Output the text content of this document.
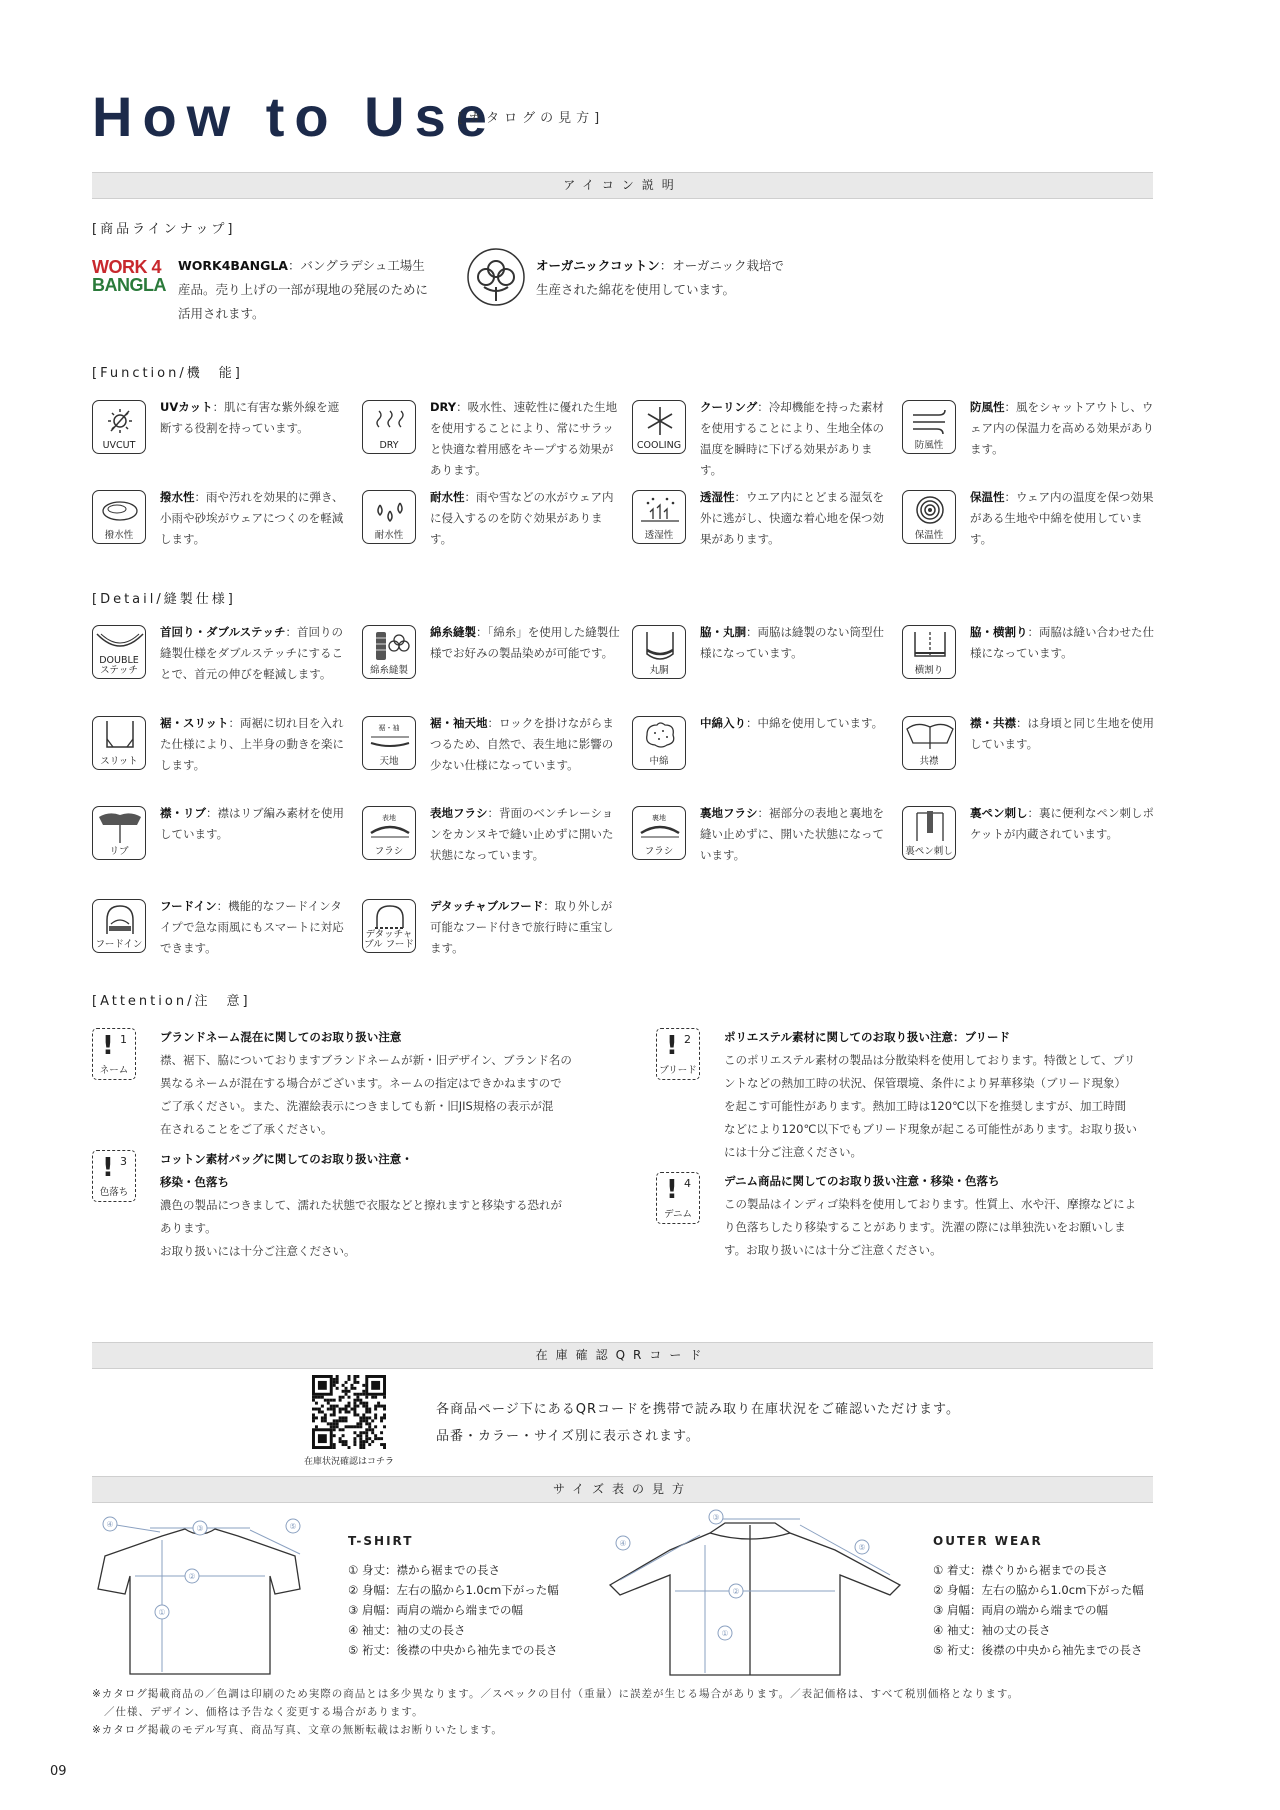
How to Use
[カタログの見方]
アイコン説明
[商品ラインナップ]
WORK 4
BANGLA
WORK4BANGLA：バングラデシュ工場生産品。売り上げの一部が現地の発展のために活用されます。
オーガニックコットン：オーガニック栽培で生産された綿花を使用しています。
[Function/機　能]
UVCUT
UVカット：肌に有害な紫外線を遮断する役割を持っています。
DRY
DRY：吸水性、速乾性に優れた生地を使用することにより、常にサラッと快適な着用感をキープする効果があります。
COOLING
クーリング：冷却機能を持った素材を使用することにより、生地全体の温度を瞬時に下げる効果があります。
防風性
防風性：風をシャットアウトし、ウェア内の保温力を高める効果があります。
撥水性
撥水性：雨や汚れを効果的に弾き、小雨や砂埃がウェアにつくのを軽減します。	耐水性
耐水性：雨や雪などの水がウェア内に侵入するのを防ぐ効果があります。	透湿性
透湿性：ウエア内にとどまる湿気を外に逃がし、快適な着心地を保つ効果があります。	保温性
保温性：ウェア内の温度を保つ効果がある生地や中綿を使用しています。
[Detail/縫製仕様]
DOUBLE ステッチ
首回り・ダブルステッチ：首回りの縫製仕様をダブルステッチにすることで、首元の伸びを軽減します。	綿糸縫製
綿糸縫製：「綿糸」を使用した縫製仕様でお好みの製品染めが可能です。
丸胴
脇・丸胴：両脇は縫製のない筒型仕様になっています。
横割り
脇・横割り：両脇は縫い合わせた仕様になっています。
スリット
裾・スリット：両裾に切れ目を入れた仕様により、上半身の動きを楽にします。
裾・袖
天地
裾・袖天地：ロックを掛けながらまつるため、自然で、表生地に影響の少ない仕様になっています。	中綿
中綿入り：中綿を使用しています。
共襟
襟・共襟：は身頃と同じ生地を使用しています。
リブ
襟・リブ：襟はリブ編み素材を使用しています。
表地
フラシ
表地フラシ：背面のベンチレーションをカンヌキで縫い止めずに開いた状態になっています。
裏地
フラシ
裏地フラシ：裾部分の表地と裏地を縫い止めずに、開いた状態になっています。	裏ペン刺し
裏ペン刺し：裏に便利なペン刺しポケットが内蔵されています。
フードイン
フードイン：機能的なフードインタイプで急な雨風にもスマートに対応できます。
デタッチャブル フード
デタッチャブルフード：取り外しが可能なフード付きで旅行時に重宝します。
[Attention/注　意]
! 1
ネーム
ブランドネーム混在に関してのお取り扱い注意
襟、裾下、脇についておりますブランドネームが新・旧デザイン、ブランド名の
異なるネームが混在する場合がございます。ネームの指定はできかねますので
ご了承ください。また、洗濯絵表示につきましても新・旧JIS規格の表示が混
在されることをご了承ください。
! 2
ブリード
ポリエステル素材に関してのお取り扱い注意：ブリード
このポリエステル素材の製品は分散染料を使用しております。特徴として、プリ
ントなどの熱加工時の状況、保管環境、条件により昇華移染（ブリード現象）
を起こす可能性があります。熱加工時は120℃以下を推奨しますが、加工時間
などにより120℃以下でもブリード現象が起こる可能性があります。お取り扱い
には十分ご注意ください。
! 3
色落ち
コットン素材バッグに関してのお取り扱い注意・
移染・色落ち
濃色の製品につきまして、濡れた状態で衣服などと擦れますと移染する恐れが
あります。
お取り扱いには十分ご注意ください。
! 4
デニム
デニム商品に関してのお取り扱い注意・移染・色落ち
この製品はインディゴ染料を使用しております。性質上、水や汗、摩擦などによ
り色落ちしたり移染することがあります。洗濯の際には単独洗いをお願いしま
す。お取り扱いには十分ご注意ください。
在庫確認QRコード
在庫状況確認はコチラ
各商品ページ下にあるQRコードを携帯で読み取り在庫状況をご確認いただけます。
品番・カラー・サイズ別に表示されます。
サイズ表の見方
③
④	⑤
②
①
T-SHIRT
① 身丈：襟から裾までの長さ
② 身幅：左右の脇から1.0cm下がった幅
③ 肩幅：両肩の端から端までの幅
④ 袖丈：袖の丈の長さ
⑤ 裄丈：後襟の中央から袖先までの長さ
③
④	⑤
②
①
OUTER WEAR
① 着丈：襟ぐりから裾までの長さ
② 身幅：左右の脇から1.0cm下がった幅
③ 肩幅：両肩の端から端までの幅
④ 袖丈：袖の丈の長さ
⑤ 裄丈：後襟の中央から袖先までの長さ
※カタログ掲載商品の／色調は印刷のため実際の商品とは多少異なります。／スペックの目付（重量）に誤差が生じる場合があります。／表記価格は、すべて税別価格となります。
／仕様、デザイン、価格は予告なく変更する場合があります。
※カタログ掲載のモデル写真、商品写真、文章の無断転載はお断りいたします。
09
